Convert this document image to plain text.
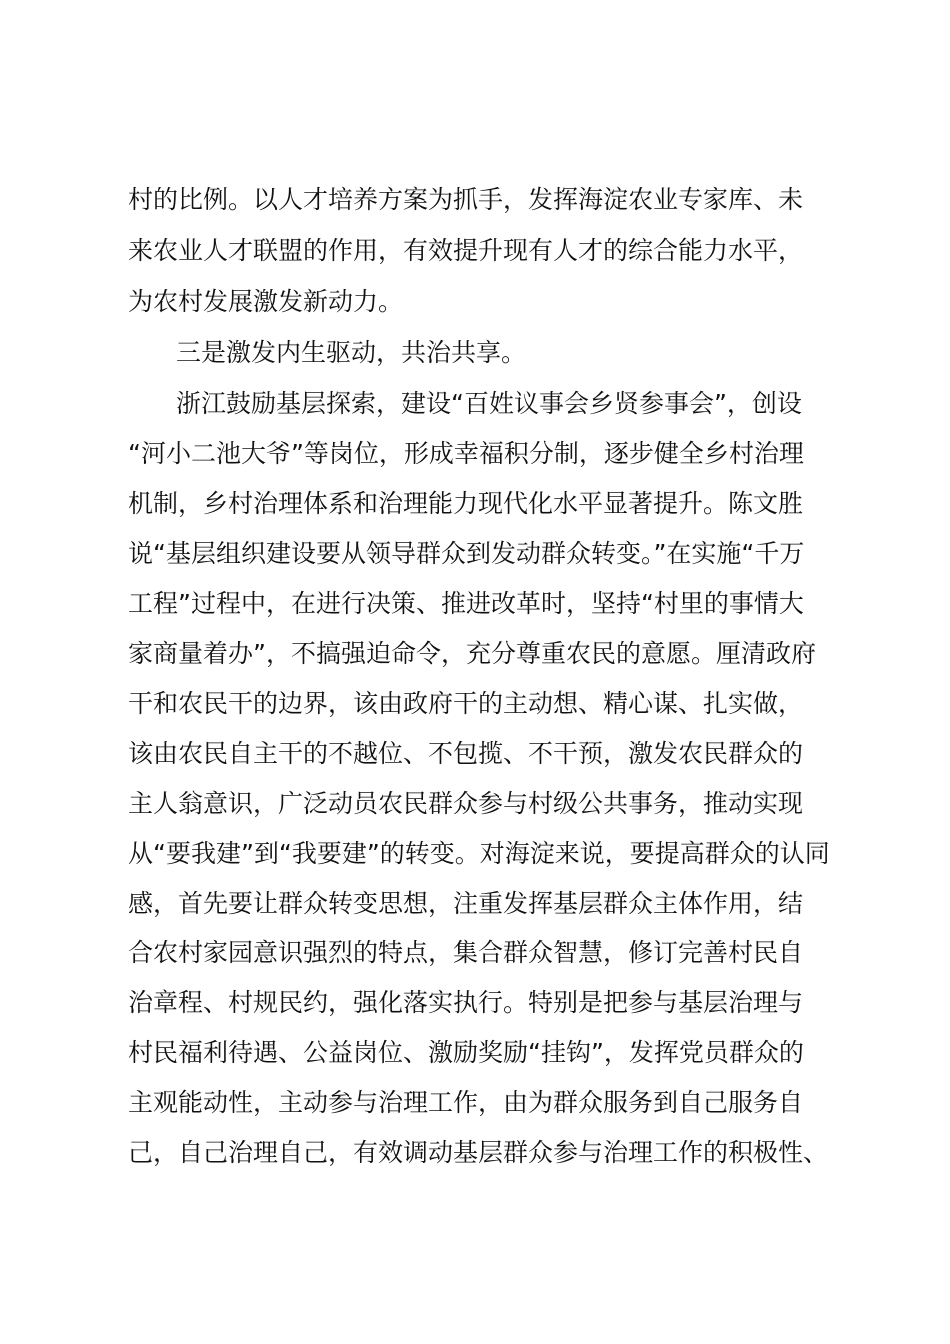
村的比例。以人才培养方案为抓手，发挥海淀农业专家库、未

来农业人才联盟的作用，有效提升现有人才的综合能力水平，

为农村发展激发新动力。

三是激发内生驱动，共治共享。

浙江鼓励基层探索，建设“百姓议事会乡贤参事会”，创设

“河小二池大爷”等岗位，形成幸福积分制，逐步健全乡村治理

机制，乡村治理体系和治理能力现代化水平显著提升。陈文胜

说“基层组织建设要从领导群众到发动群众转变。”在实施“千万

工程”过程中，在进行决策、推进改革时，坚持“村里的事情大

家商量着办”，不搞强迫命令，充分尊重农民的意愿。厘清政府

干和农民干的边界，该由政府干的主动想、精心谋、扎实做，

该由农民自主干的不越位、不包揽、不干预，激发农民群众的

主人翁意识，广泛动员农民群众参与村级公共事务，推动实现

从“要我建”到“我要建”的转变。对海淀来说，要提高群众的认同

感，首先要让群众转变思想，注重发挥基层群众主体作用，结

合农村家园意识强烈的特点，集合群众智慧，修订完善村民自

治章程、村规民约，强化落实执行。特别是把参与基层治理与

村民福利待遇、公益岗位、激励奖励“挂钩”，发挥党员群众的

主观能动性，主动参与治理工作，由为群众服务到自己服务自

己，自己治理自己，有效调动基层群众参与治理工作的积极性、
